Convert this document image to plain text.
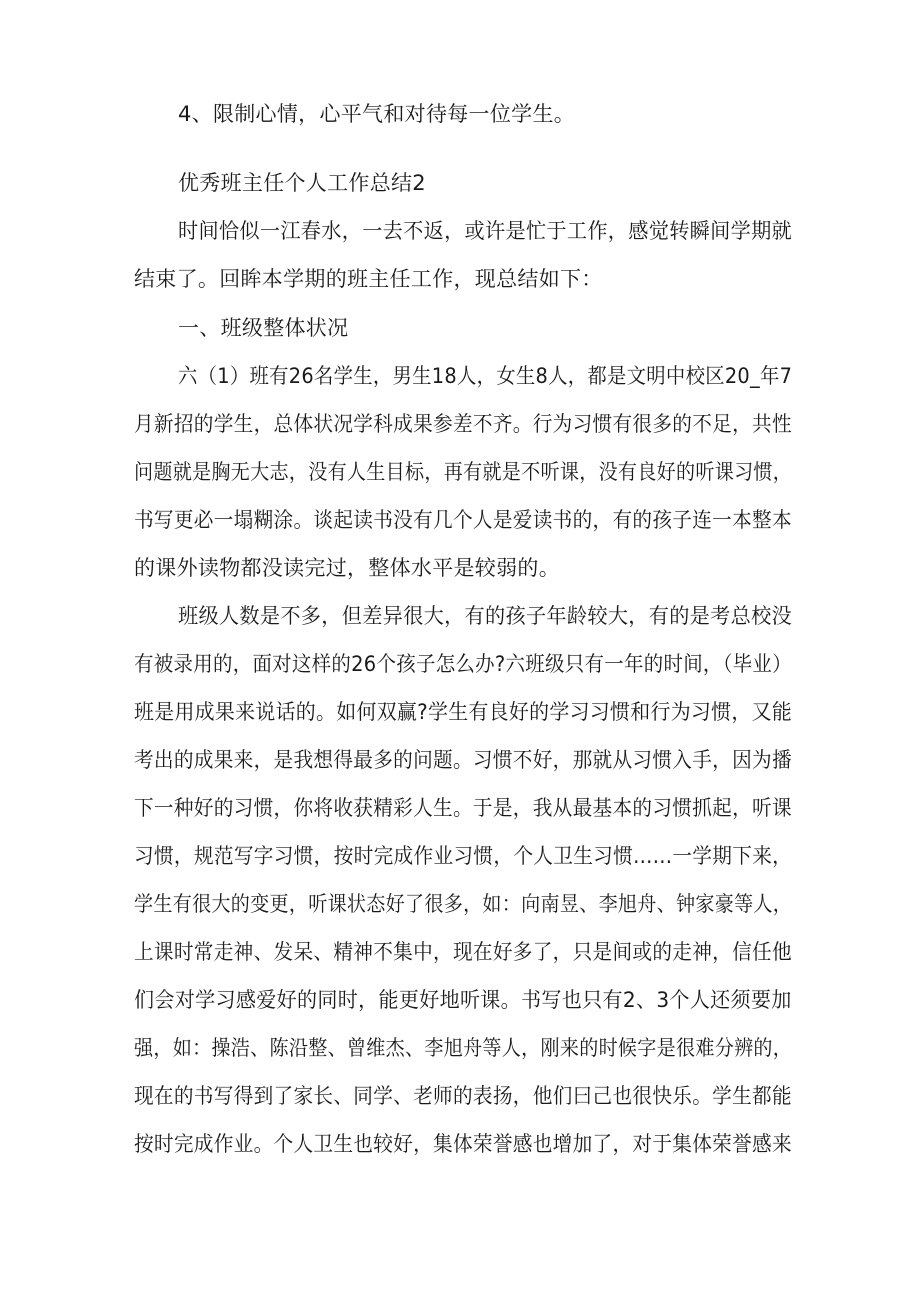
4、限制心情，心平气和对待每一位学生。
优秀班主任个人工作总结2
时间恰似一江春水，一去不返，或许是忙于工作，感觉转瞬间学期就
结束了。回眸本学期的班主任工作，现总结如下：
一、班级整体状况
六（1）班有26名学生，男生18人，女生8人，都是文明中校区20_年7
月新招的学生，总体状况学科成果参差不齐。行为习惯有很多的不足，共性
问题就是胸无大志，没有人生目标，再有就是不听课，没有良好的听课习惯，
书写更必一塌糊涂。谈起读书没有几个人是爱读书的，有的孩子连一本整本
的课外读物都没读完过，整体水平是较弱的。
班级人数是不多，但差异很大，有的孩子年龄较大，有的是考总校没
有被录用的，面对这样的26个孩子怎么办?六班级只有一年的时间，（毕业）
班是用成果来说话的。如何双赢?学生有良好的学习习惯和行为习惯，又能
考出的成果来，是我想得最多的问题。习惯不好，那就从习惯入手，因为播
下一种好的习惯，你将收获精彩人生。于是，我从最基本的习惯抓起，听课
习惯，规范写字习惯，按时完成作业习惯，个人卫生习惯......一学期下来，
学生有很大的变更，听课状态好了很多，如：向南昱、李旭舟、钟家豪等人，
上课时常走神、发呆、精神不集中，现在好多了，只是间或的走神，信任他
们会对学习感爱好的同时，能更好地听课。书写也只有2、3个人还须要加
强，如：操浩、陈沿整、曾维杰、李旭舟等人，刚来的时候字是很难分辨的，
现在的书写得到了家长、同学、老师的表扬，他们曰己也很快乐。学生都能
按时完成作业。个人卫生也较好，集体荣誉感也增加了，对于集体荣誉感来
